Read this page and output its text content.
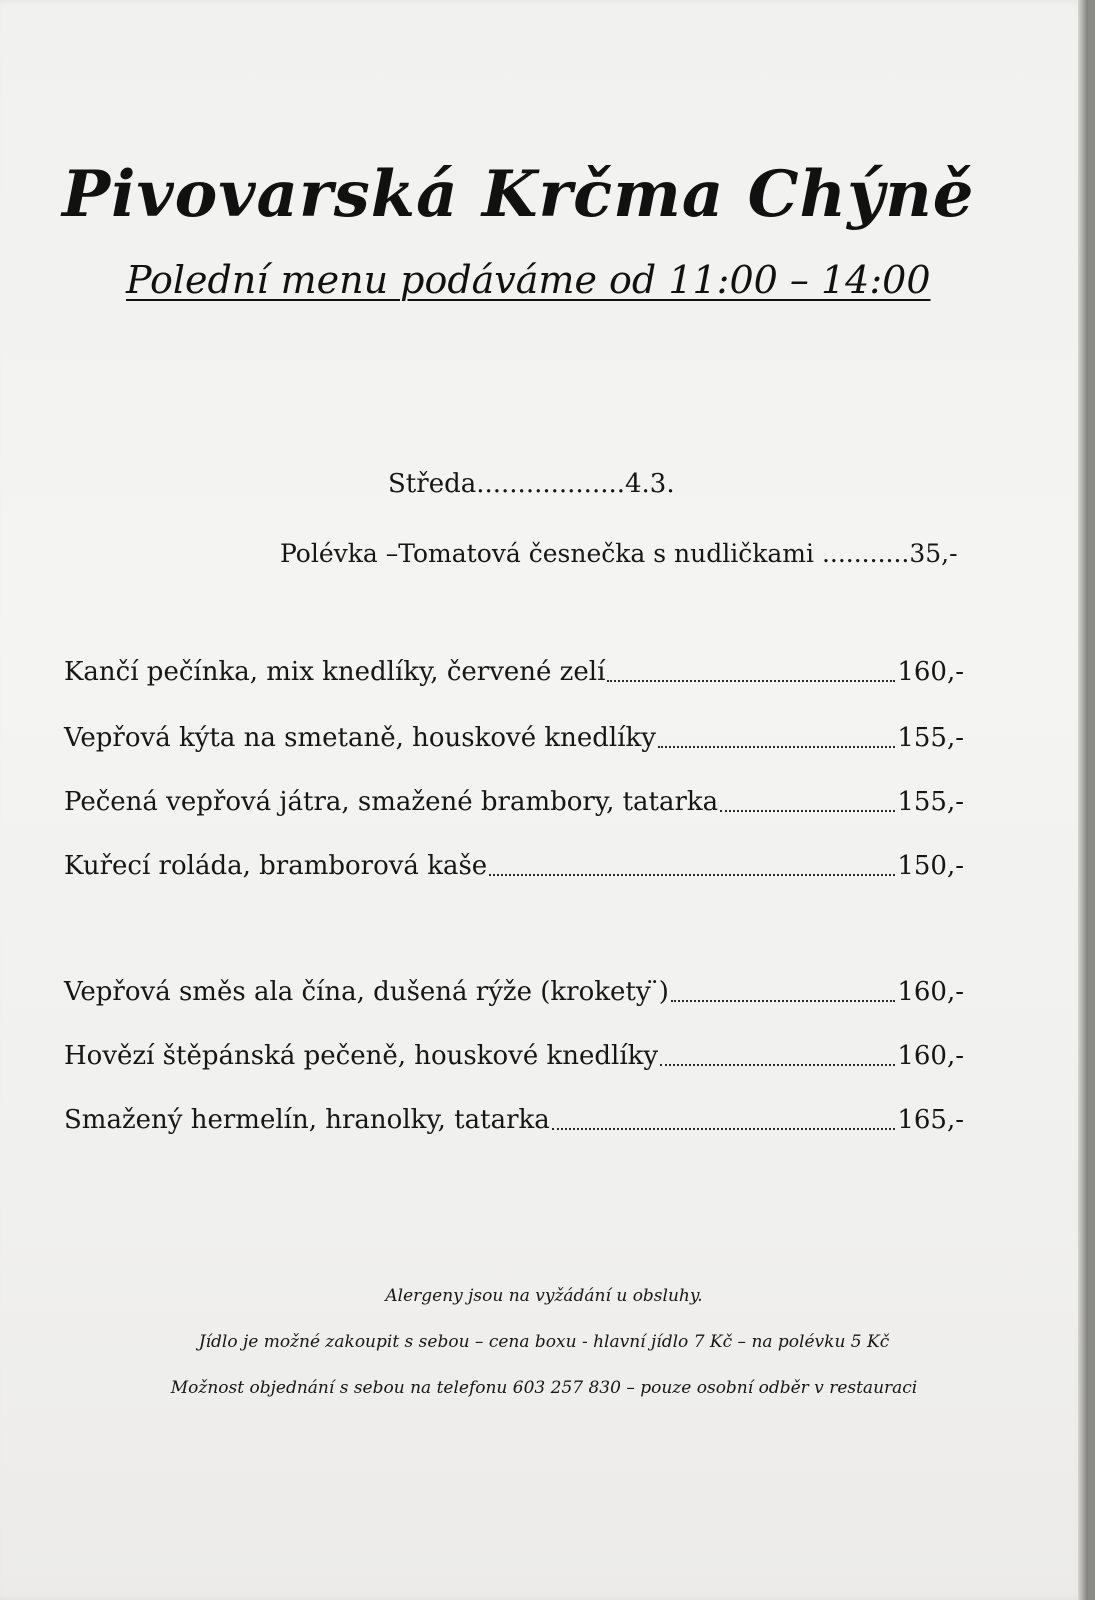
Pivovarská Krčma Chýně
Polední menu podáváme od 11:00 – 14:00
Středa..................4.3.
Polévka –Tomatová česnečka s nudličkami ...........35,-
Kančí pečínka, mix knedlíky, červené zelí	160,-
Vepřová kýta na smetaně, houskové knedlíky	155,-
Pečená vepřová játra, smažené brambory, tatarka	155,-
Kuřecí roláda, bramborová kaše	150,-
Vepřová směs ala čína, dušená rýže (krokety ̈)	160,-
Hovězí štěpánská pečeně, houskové knedlíky	160,-
Smažený hermelín, hranolky, tatarka	165,-
Alergeny jsou na vyžádání u obsluhy.
Jídlo je možné zakoupit s sebou – cena boxu - hlavní jídlo 7 Kč – na polévku 5 Kč
Možnost objednání s sebou na telefonu 603 257 830 – pouze osobní odběr v restauraci
